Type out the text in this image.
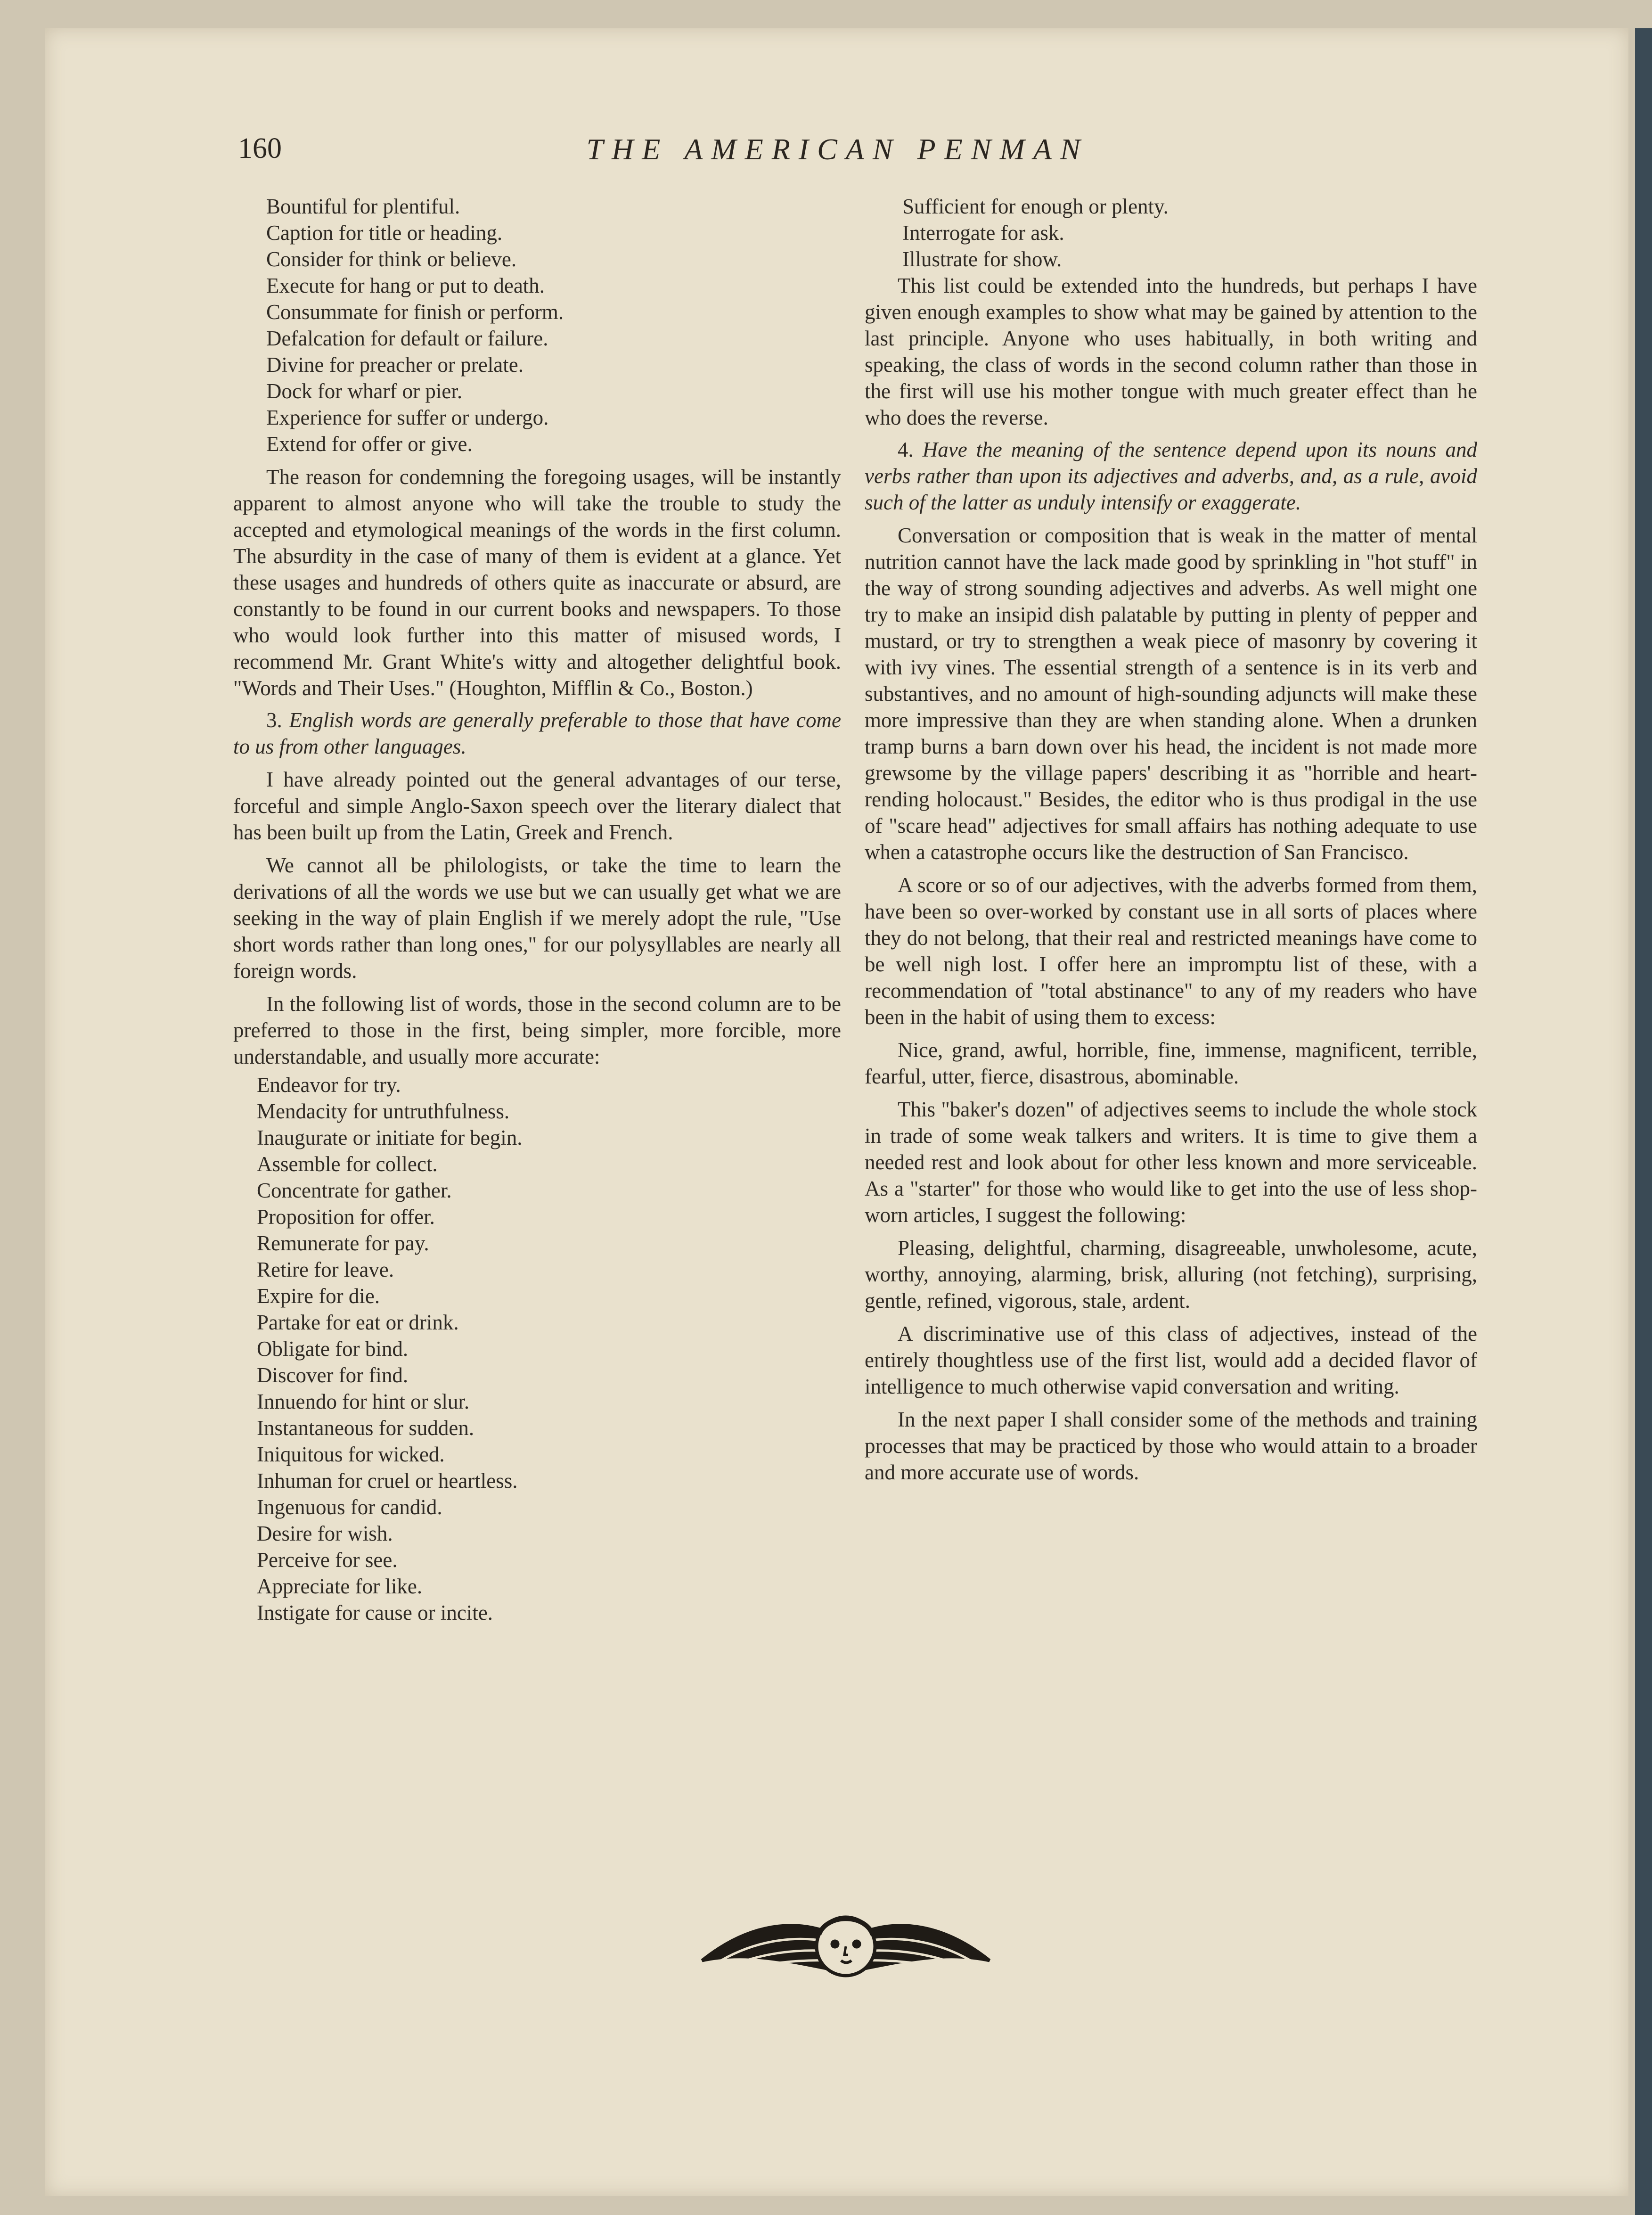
160	THE AMERICAN PENMAN
Bountiful for plentiful.
Caption for title or heading.
Consider for think or believe.
Execute for hang or put to death.
Consummate for finish or perform.
Defalcation for default or failure.
Divine for preacher or prelate.
Dock for wharf or pier.
Experience for suffer or undergo.
Extend for offer or give.

The reason for condemning the foregoing usages, will be instantly apparent to almost anyone who will take the trouble to study the accepted and etymological meanings of the words in the first column. The absurdity in the case of many of them is evident at a glance. Yet these usages and hundreds of others quite as inaccurate or absurd, are constantly to be found in our current books and newspapers. To those who would look further into this matter of misused words, I recommend Mr. Grant White's witty and altogether delightful book. "Words and Their Uses." (Houghton, Mifflin & Co., Boston.)

3. English words are generally preferable to those that have come to us from other languages.

I have already pointed out the general advantages of our terse, forceful and simple Anglo-Saxon speech over the literary dialect that has been built up from the Latin, Greek and French.

We cannot all be philologists, or take the time to learn the derivations of all the words we use but we can usually get what we are seeking in the way of plain English if we merely adopt the rule, "Use short words rather than long ones," for our polysyllables are nearly all foreign words.

In the following list of words, those in the second column are to be preferred to those in the first, being simpler, more forcible, more understandable, and usually more accurate:

Endeavor for try.
Mendacity for untruthfulness.
Inaugurate or initiate for begin.
Assemble for collect.
Concentrate for gather.
Proposition for offer.
Remunerate for pay.
Retire for leave.
Expire for die.
Partake for eat or drink.
Obligate for bind.
Discover for find.
Innuendo for hint or slur.
Instantaneous for sudden.
Iniquitous for wicked.
Inhuman for cruel or heartless.
Ingenuous for candid.
Desire for wish.
Perceive for see.
Appreciate for like.
Instigate for cause or incite.
Sufficient for enough or plenty.
Interrogate for ask.
Illustrate for show.

This list could be extended into the hundreds, but perhaps I have given enough examples to show what may be gained by attention to the last principle. Anyone who uses habitually, in both writing and speaking, the class of words in the second column rather than those in the first will use his mother tongue with much greater effect than he who does the reverse.

4. Have the meaning of the sentence depend upon its nouns and verbs rather than upon its adjectives and adverbs, and, as a rule, avoid such of the latter as unduly intensify or exaggerate.

Conversation or composition that is weak in the matter of mental nutrition cannot have the lack made good by sprinkling in "hot stuff" in the way of strong sounding adjectives and adverbs. As well might one try to make an insipid dish palatable by putting in plenty of pepper and mustard, or try to strengthen a weak piece of masonry by covering it with ivy vines. The essential strength of a sentence is in its verb and substantives, and no amount of high-sounding adjuncts will make these more impressive than they are when standing alone. When a drunken tramp burns a barn down over his head, the incident is not made more grewsome by the village papers' describing it as "horrible and heart-rending holocaust." Besides, the editor who is thus prodigal in the use of "scare head" adjectives for small affairs has nothing adequate to use when a catastrophe occurs like the destruction of San Francisco.

A score or so of our adjectives, with the adverbs formed from them, have been so over-worked by constant use in all sorts of places where they do not belong, that their real and restricted meanings have come to be well nigh lost. I offer here an impromptu list of these, with a recommendation of "total abstinance" to any of my readers who have been in the habit of using them to excess:

Nice, grand, awful, horrible, fine, immense, magnificent, terrible, fearful, utter, fierce, disastrous, abominable.

This "baker's dozen" of adjectives seems to include the whole stock in trade of some weak talkers and writers. It is time to give them a needed rest and look about for other less known and more serviceable. As a "starter" for those who would like to get into the use of less shop-worn articles, I suggest the following:

Pleasing, delightful, charming, disagreeable, unwholesome, acute, worthy, annoying, alarming, brisk, alluring (not fetching), surprising, gentle, refined, vigorous, stale, ardent.

A discriminative use of this class of adjectives, instead of the entirely thoughtless use of the first list, would add a decided flavor of intelligence to much otherwise vapid conversation and writing.

In the next paper I shall consider some of the methods and training processes that may be practiced by those who would attain to a broader and more accurate use of words.
